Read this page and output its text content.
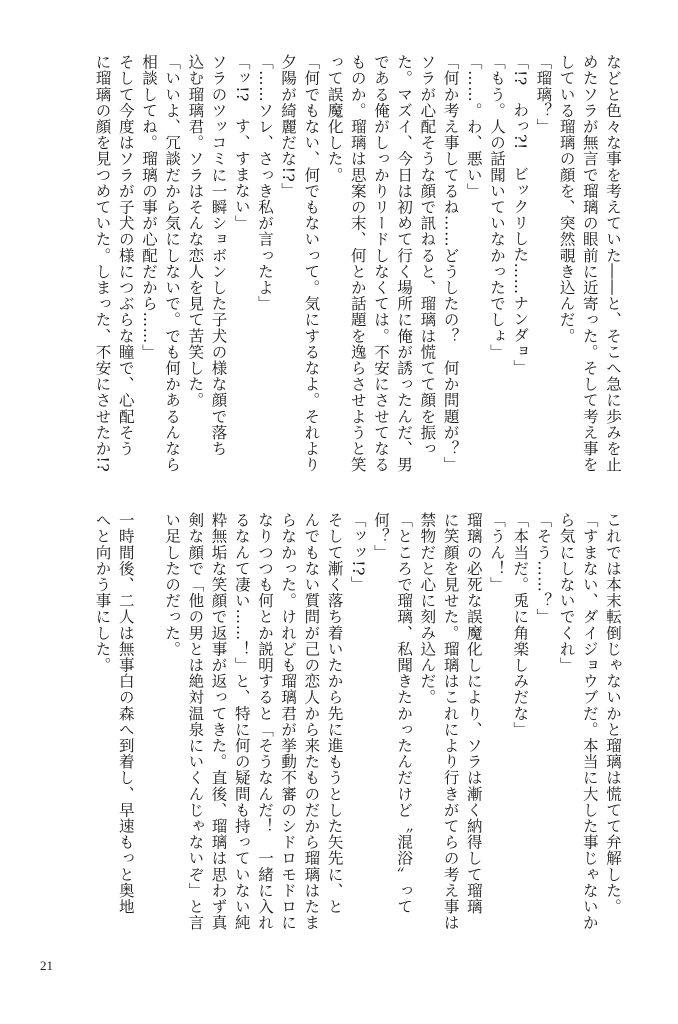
などと色々な事を考えていた――と、そこへ急に歩みを止
めたソラが無言で瑠璃の眼前に近寄った。そして考え事を
している瑠璃の顔を、突然覗き込んだ。
「瑠璃？」
「!?　わっ?!　ビックリした……ナンダョ」
「もう。人の話聞いていなかったでしょ」
「……。わ、悪い」
「何か考え事してるね……どうしたの？　何か問題が？」
ソラが心配そうな顔で訊ねると、瑠璃は慌てて顔を振っ
た。マズイ、今日は初めて行く場所に俺が誘ったんだ、男
である俺がしっかりリードしなくては。不安にさせてなる
ものか。瑠璃は思案の末、何とか話題を逸らさせようと笑
って誤魔化した。
「何でもない、何でもないって。気にするなよ。それより
夕陽が綺麗だな!?」
「……ソレ、さっき私が言ったよ」
「ッ!?　す、すまない」
ソラのツッコミに一瞬ショボンした子犬の様な顔で落ち
込む瑠璃君。ソラはそんな恋人を見て苦笑した。
「いいよ、冗談だから気にしないで。でも何かあるんなら
相談してね。瑠璃の事が心配だから……」
そして今度はソラが子犬の様につぶらな瞳で、心配そう
に瑠璃の顔を見つめていた。しまった、不安にさせたか!?
これでは本末転倒じゃないかと瑠璃は慌てて弁解した。
「すまない、ダイジョウブだ。本当に大した事じゃないか
ら気にしないでくれ」
「そう……？」
「本当だ。兎に角楽しみだな」
「うん！」
瑠璃の必死な誤魔化しにより、ソラは漸く納得して瑠璃
に笑顔を見せた。瑠璃はこれにより行きがてらの考え事は
禁物だと心に刻み込んだ。
「ところで瑠璃、私聞きたかったんだけど〝混浴〟って
何？」
「ッッ!?」
そして漸く落ち着いたから先に進もうとした矢先に、と
んでもない質問が己の恋人から来たものだから瑠璃はたま
らなかった。けれども瑠璃君が挙動不審のシドロモドロに
なりつつも何とか説明すると「そうなんだ！　一緒に入れ
るなんて凄い……！」と、特に何の疑問も持っていない純
粋無垢な笑顔で返事が返ってきた。直後、瑠璃は思わず真
剣な顔で「他の男とは絶対温泉にいくんじゃないぞ」と言
い足したのだった。

一時間後、二人は無事白の森へ到着し、早速もっと奥地
へと向かう事にした。
21
